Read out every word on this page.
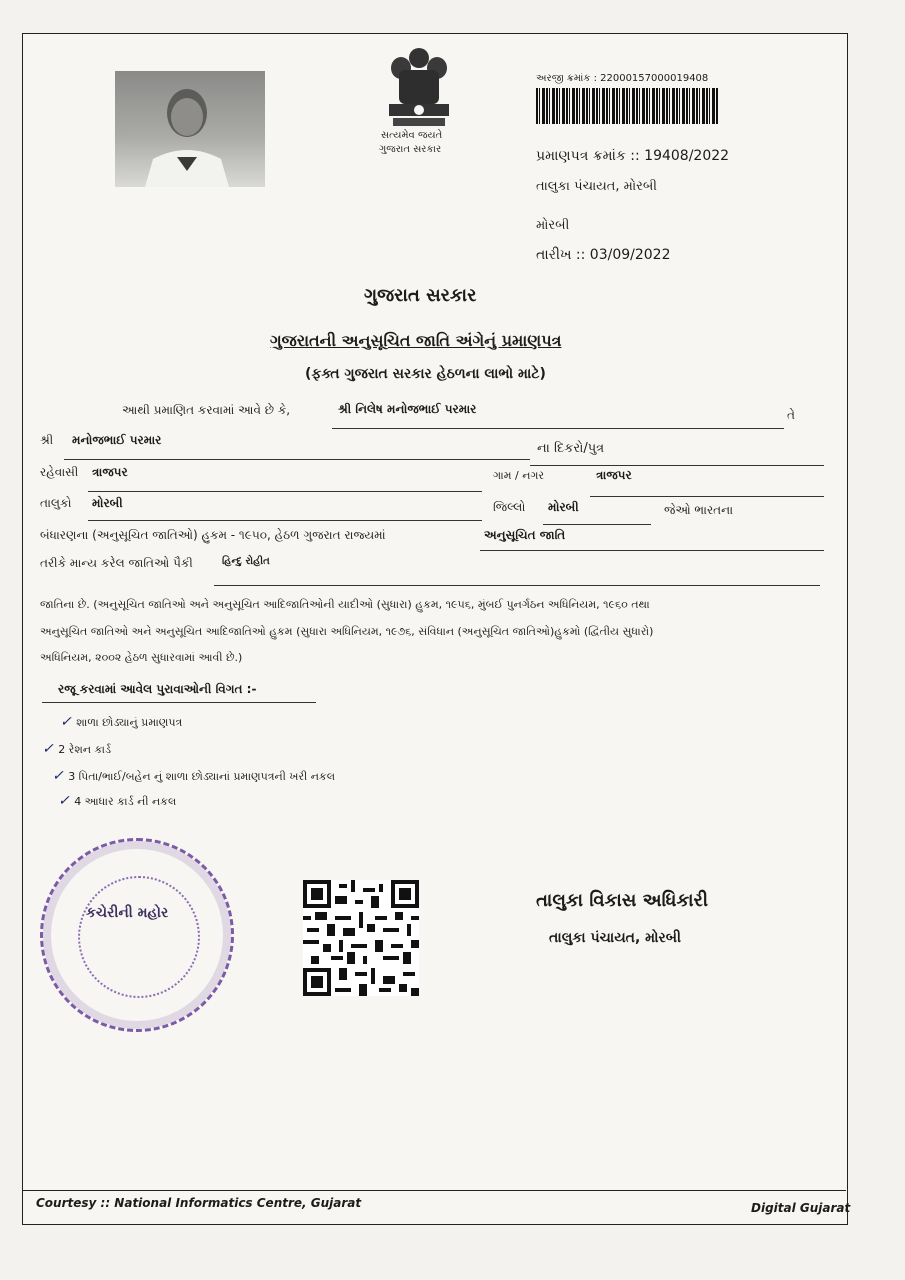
સત્યમેવ જયતે
ગુજરાત સરકાર
અરજી ક્રમાંક : 22000157000019408
પ્રમાણપત્ર ક્રમાંક :: 19408/2022
તાલુકા પંચાયત, મોરબી
મોરબી
તારીખ :: 03/09/2022
ગુજરાત સરકાર
ગુજરાતની અનુસૂચિત જાતિ અંગેનું પ્રમાણપત્ર
(ફક્ત ગુજરાત સરકાર હેઠળના લાભો માટે)
આથી પ્રમાણિત કરવામાં આવે છે કે,	શ્રી નિલેષ મનોજભાઈ પરમાર	તે
શ્રી મનોજભાઈ પરમાર
ના દિકરો/પુત્ર
રહેવાસી ત્રાજપર	ગામ / નગર	ત્રાજપર
તાલુકો મોરબી	જિલ્લો મોરબી	જેઓ ભારતના
બંધારણના (અનુસૂચિત જાતિઓ) હુકમ - ૧૯૫૦, હેઠળ ગુજરાત રાજ્યમાં	અનુસૂચિત જાતિ
તરીકે માન્ય કરેલ જાતિઓ પૈકી	હિન્દુ રોહીત
જાતિના છે. (અનુસૂચિત જાતિઓ અને અનુસૂચિત આદિજાતિઓની યાદીઓ (સુધારા) હુકમ, ૧૯૫૬, મુંબઈ પુનર્ગઠન અધિનિયમ, ૧૯૬૦ તથા
અનુસૂચિત જાતિઓ અને અનુસૂચિત આદિજાતિઓ હુકમ (સુધારા અધિનિયમ, ૧૯૭૬, સંવિધાન (અનુસૂચિત જાતિઓ)હુકમો (દ્વિતીય સુધારો)
અધિનિયમ, ૨૦૦૨ હેઠળ સુધારવામાં આવી છે.)
રજૂ કરવામાં આવેલ પુરાવાઓની વિગત :-
✓ શાળા છોડ્યાનું પ્રમાણપત્ર
✓ 2 રેશન કાર્ડ
✓ 3 પિતા/ભાઈ/બહેન નું શાળા છોડ્યાનાં પ્રમાણપત્રની ખરી નકલ
✓ 4 આધાર કાર્ડ ની નકલ
કચેરીની મહોર
તાલુકા વિકાસ અધિકારી
તાલુકા પંચાયત, મોરબી
Courtesy :: National Informatics Centre, Gujarat	Digital Gujarat
